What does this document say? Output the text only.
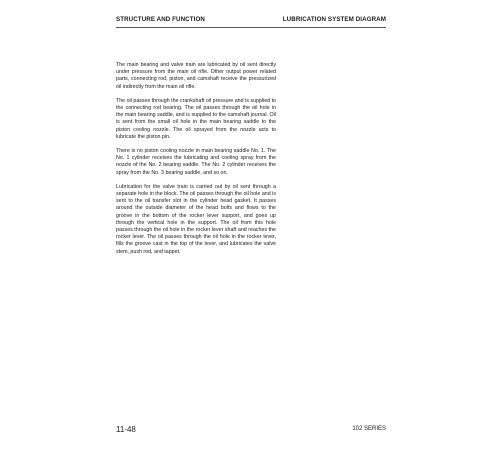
STRUCTURE AND FUNCTION	LUBRICATION SYSTEM DIAGRAM

The main bearing and valve train are lubricated by oil sent directly under pressure from the main oil rifle. Other output power related parts, connecting rod, piston, and camshaft receive the pressurized oil indirectly from the main oil rifle.

The oil passes through the crankshaft oil pressure and is supplied to the connecting rod bearing. The oil passes through the oil hole in the main bearing saddle, and is supplied to the camshaft journal. Oil is sent from the small oil hole in the main bearing saddle to the piston cooling nozzle. The oil sprayed from the nozzle acts to lubricate the piston pin.

There is no piston cooling nozzle in main bearing saddle No. 1. The No. 1 cylinder receives the lubricating and cooling spray from the nozzle of the No. 2 bearing saddle. The No. 2 cylinder receives the spray from the No. 3 bearing saddle, and so on.

Lubrication for the valve train is carried out by oil sent through a separate hole in the block. The oil passes through the oil hole and is sent to the oil transfer slot in the cylinder head gasket. It passes around the outside diameter of the head bolts and flows to the groove in the bottom of the rocker lever support, and goes up through the vertical hole in the support. The oil from this hole passes through the oil hole in the rocker lever shaft and reaches the rocker lever. The oil passes through the oil hole in the rocker lever, fills the groove cast in the top of the lever, and lubricates the valve stem, push rod, and tappet.

11-48	102 SERIES
